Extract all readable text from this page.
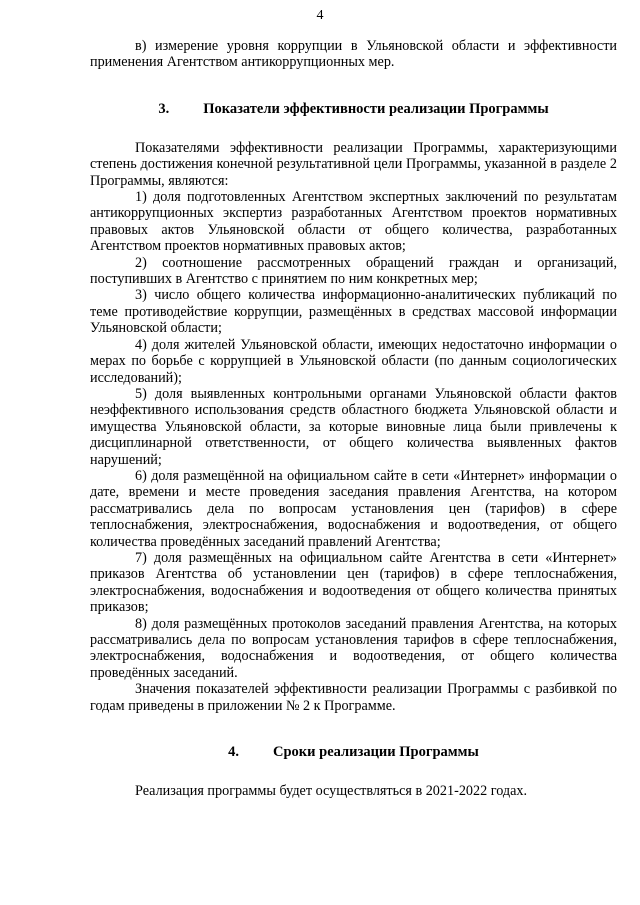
4

в) измерение уровня коррупции в Ульяновской области и эффективности применения Агентством антикоррупционных мер.

3. Показатели эффективности реализации Программы

Показателями эффективности реализации Программы, характеризующими степень достижения конечной результативной цели Программы, указанной в разделе 2 Программы, являются:

1) доля подготовленных Агентством экспертных заключений по результатам антикоррупционных экспертиз разработанных Агентством проектов нормативных правовых актов Ульяновской области от общего количества, разработанных Агентством проектов нормативных правовых актов;

2) соотношение рассмотренных обращений граждан и организаций, поступивших в Агентство с принятием по ним конкретных мер;

3) число общего количества информационно-аналитических публикаций по теме противодействие коррупции, размещённых в средствах массовой информации Ульяновской области;

4) доля жителей Ульяновской области, имеющих недостаточно информации о мерах по борьбе с коррупцией в Ульяновской области (по данным социологических исследований);

5) доля выявленных контрольными органами Ульяновской области фактов неэффективного использования средств областного бюджета Ульяновской области и имущества Ульяновской области, за которые виновные лица были привлечены к дисциплинарной ответственности, от общего количества выявленных фактов нарушений;

6) доля размещённой на официальном сайте в сети «Интернет» информации о дате, времени и месте проведения заседания правления Агентства, на котором рассматривались дела по вопросам установления цен (тарифов) в сфере теплоснабжения, электроснабжения, водоснабжения и водоотведения, от общего количества проведённых заседаний правлений Агентства;

7) доля размещённых на официальном сайте Агентства в сети «Интернет» приказов Агентства об установлении цен (тарифов) в сфере теплоснабжения, электроснабжения, водоснабжения и водоотведения от общего количества принятых приказов;

8) доля размещённых протоколов заседаний правления Агентства, на которых рассматривались дела по вопросам установления тарифов в сфере теплоснабжения, электроснабжения, водоснабжения и водоотведения, от общего количества проведённых заседаний.

Значения показателей эффективности реализации Программы с разбивкой по годам приведены в приложении № 2 к Программе.

4. Сроки реализации Программы

Реализация программы будет осуществляться в 2021-2022 годах.
